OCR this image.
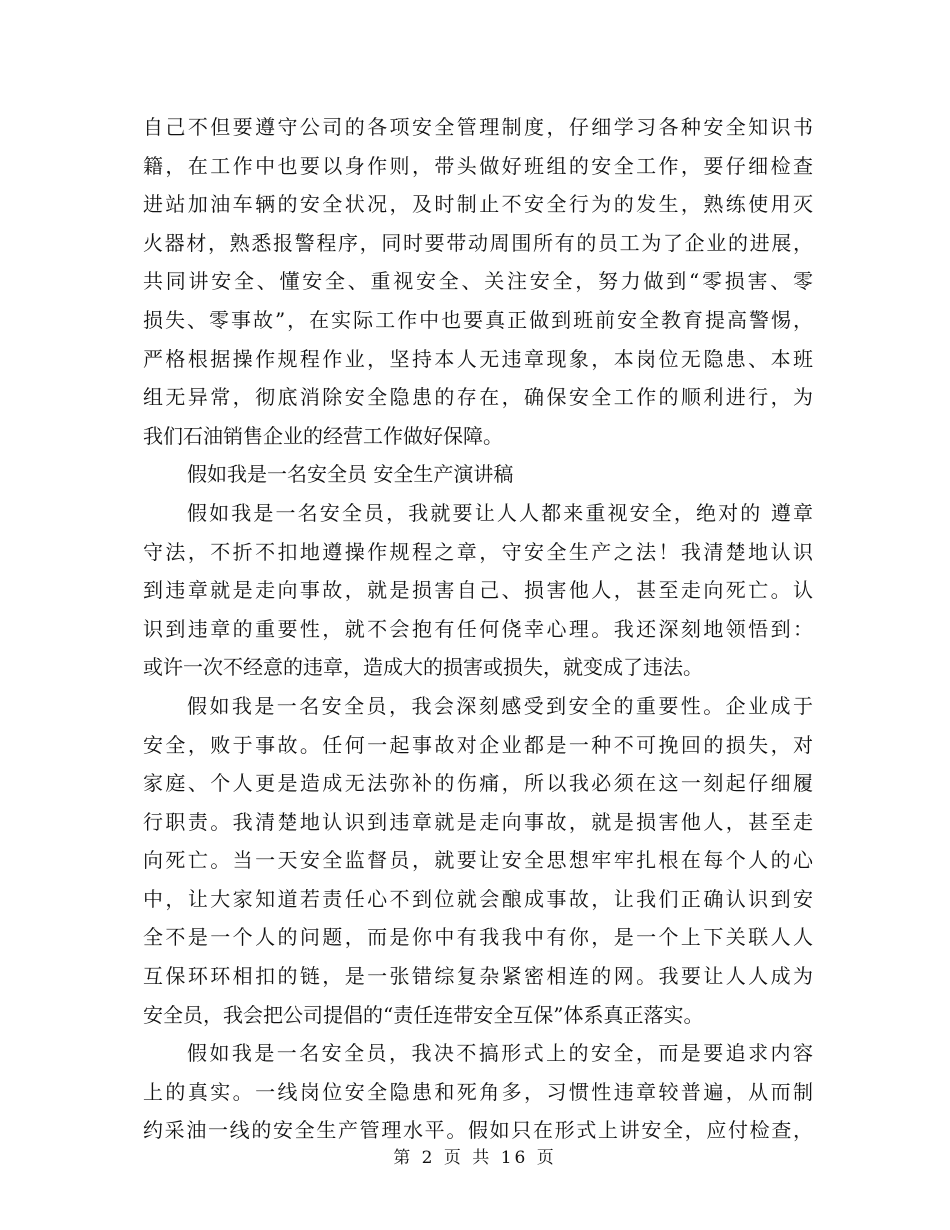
自己不但要遵守公司的各项安全管理制度，仔细学习各种安全知识书
籍，在工作中也要以身作则，带头做好班组的安全工作，要仔细检查
进站加油车辆的安全状况，及时制止不安全行为的发生，熟练使用灭
火器材，熟悉报警程序，同时要带动周围所有的员工为了企业的进展，
共同讲安全、懂安全、重视安全、关注安全，努力做到“零损害、零
损失、零事故”，在实际工作中也要真正做到班前安全教育提高警惕，
严格根据操作规程作业，坚持本人无违章现象，本岗位无隐患、本班
组无异常，彻底消除安全隐患的存在，确保安全工作的顺利进行，为
我们石油销售企业的经营工作做好保障。
假如我是一名安全员 安全生产演讲稿
假如我是一名安全员，我就要让人人都来重视安全，绝对的 遵章
守法，不折不扣地遵操作规程之章，守安全生产之法！我清楚地认识
到违章就是走向事故，就是损害自己、损害他人，甚至走向死亡。认
识到违章的重要性，就不会抱有任何侥幸心理。我还深刻地领悟到：
或许一次不经意的违章，造成大的损害或损失，就变成了违法。
假如我是一名安全员，我会深刻感受到安全的重要性。企业成于
安全，败于事故。任何一起事故对企业都是一种不可挽回的损失，对
家庭、个人更是造成无法弥补的伤痛，所以我必须在这一刻起仔细履
行职责。我清楚地认识到违章就是走向事故，就是损害他人，甚至走
向死亡。当一天安全监督员，就要让安全思想牢牢扎根在每个人的心
中，让大家知道若责任心不到位就会酿成事故，让我们正确认识到安
全不是一个人的问题，而是你中有我我中有你，是一个上下关联人人
互保环环相扣的链，是一张错综复杂紧密相连的网。我要让人人成为
安全员，我会把公司提倡的“责任连带安全互保”体系真正落实。
假如我是一名安全员，我决不搞形式上的安全，而是要追求内容
上的真实。一线岗位安全隐患和死角多，习惯性违章较普遍，从而制
约采油一线的安全生产管理水平。假如只在形式上讲安全，应付检查，
第 2 页 共 16 页
